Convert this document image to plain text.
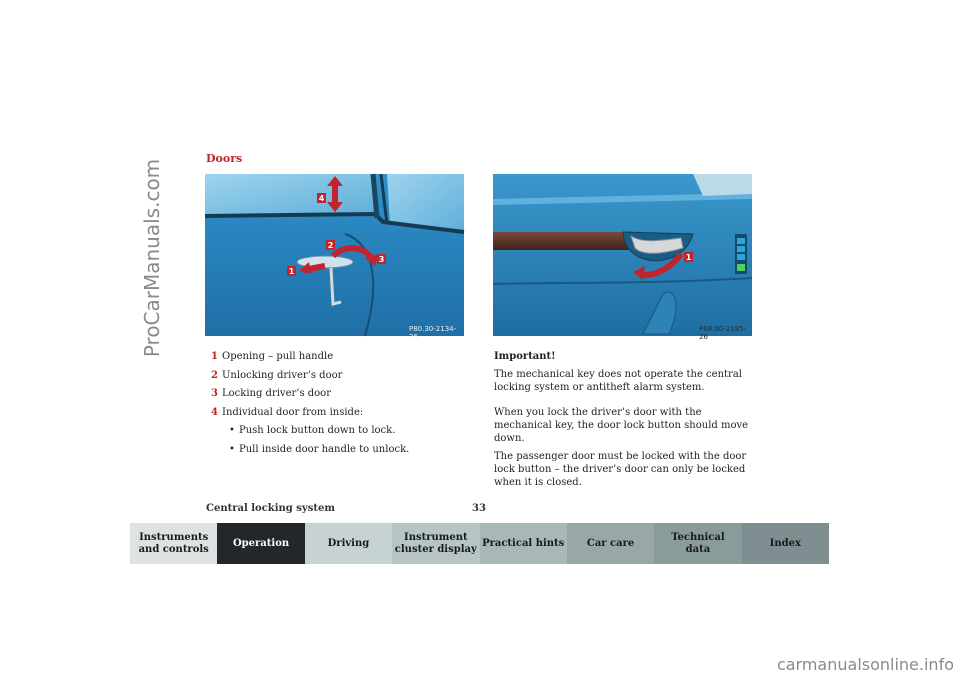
ProCarManuals.com
Doors
1
2
3
4
P80.30-2134-26
1
P68.00-2185-26
1 Opening – pull handle
2 Unlocking driver’s door
3 Locking driver’s door
4 Individual door from inside:
• Push lock button down to lock.
• Pull inside door handle to unlock.
Important!

The mechanical key does not operate the central locking system or antitheft alarm system.

When you lock the driver’s door with the mechanical key, the door lock button should move down.

The passenger door must be locked with the door lock button – the driver’s door can only be locked when it is closed.

Central locking system	33
Instruments
and controls
Operation	Driving
Instrument
cluster display
Practical hints Car care
Technical
data
Index
carmanualsonline.info
